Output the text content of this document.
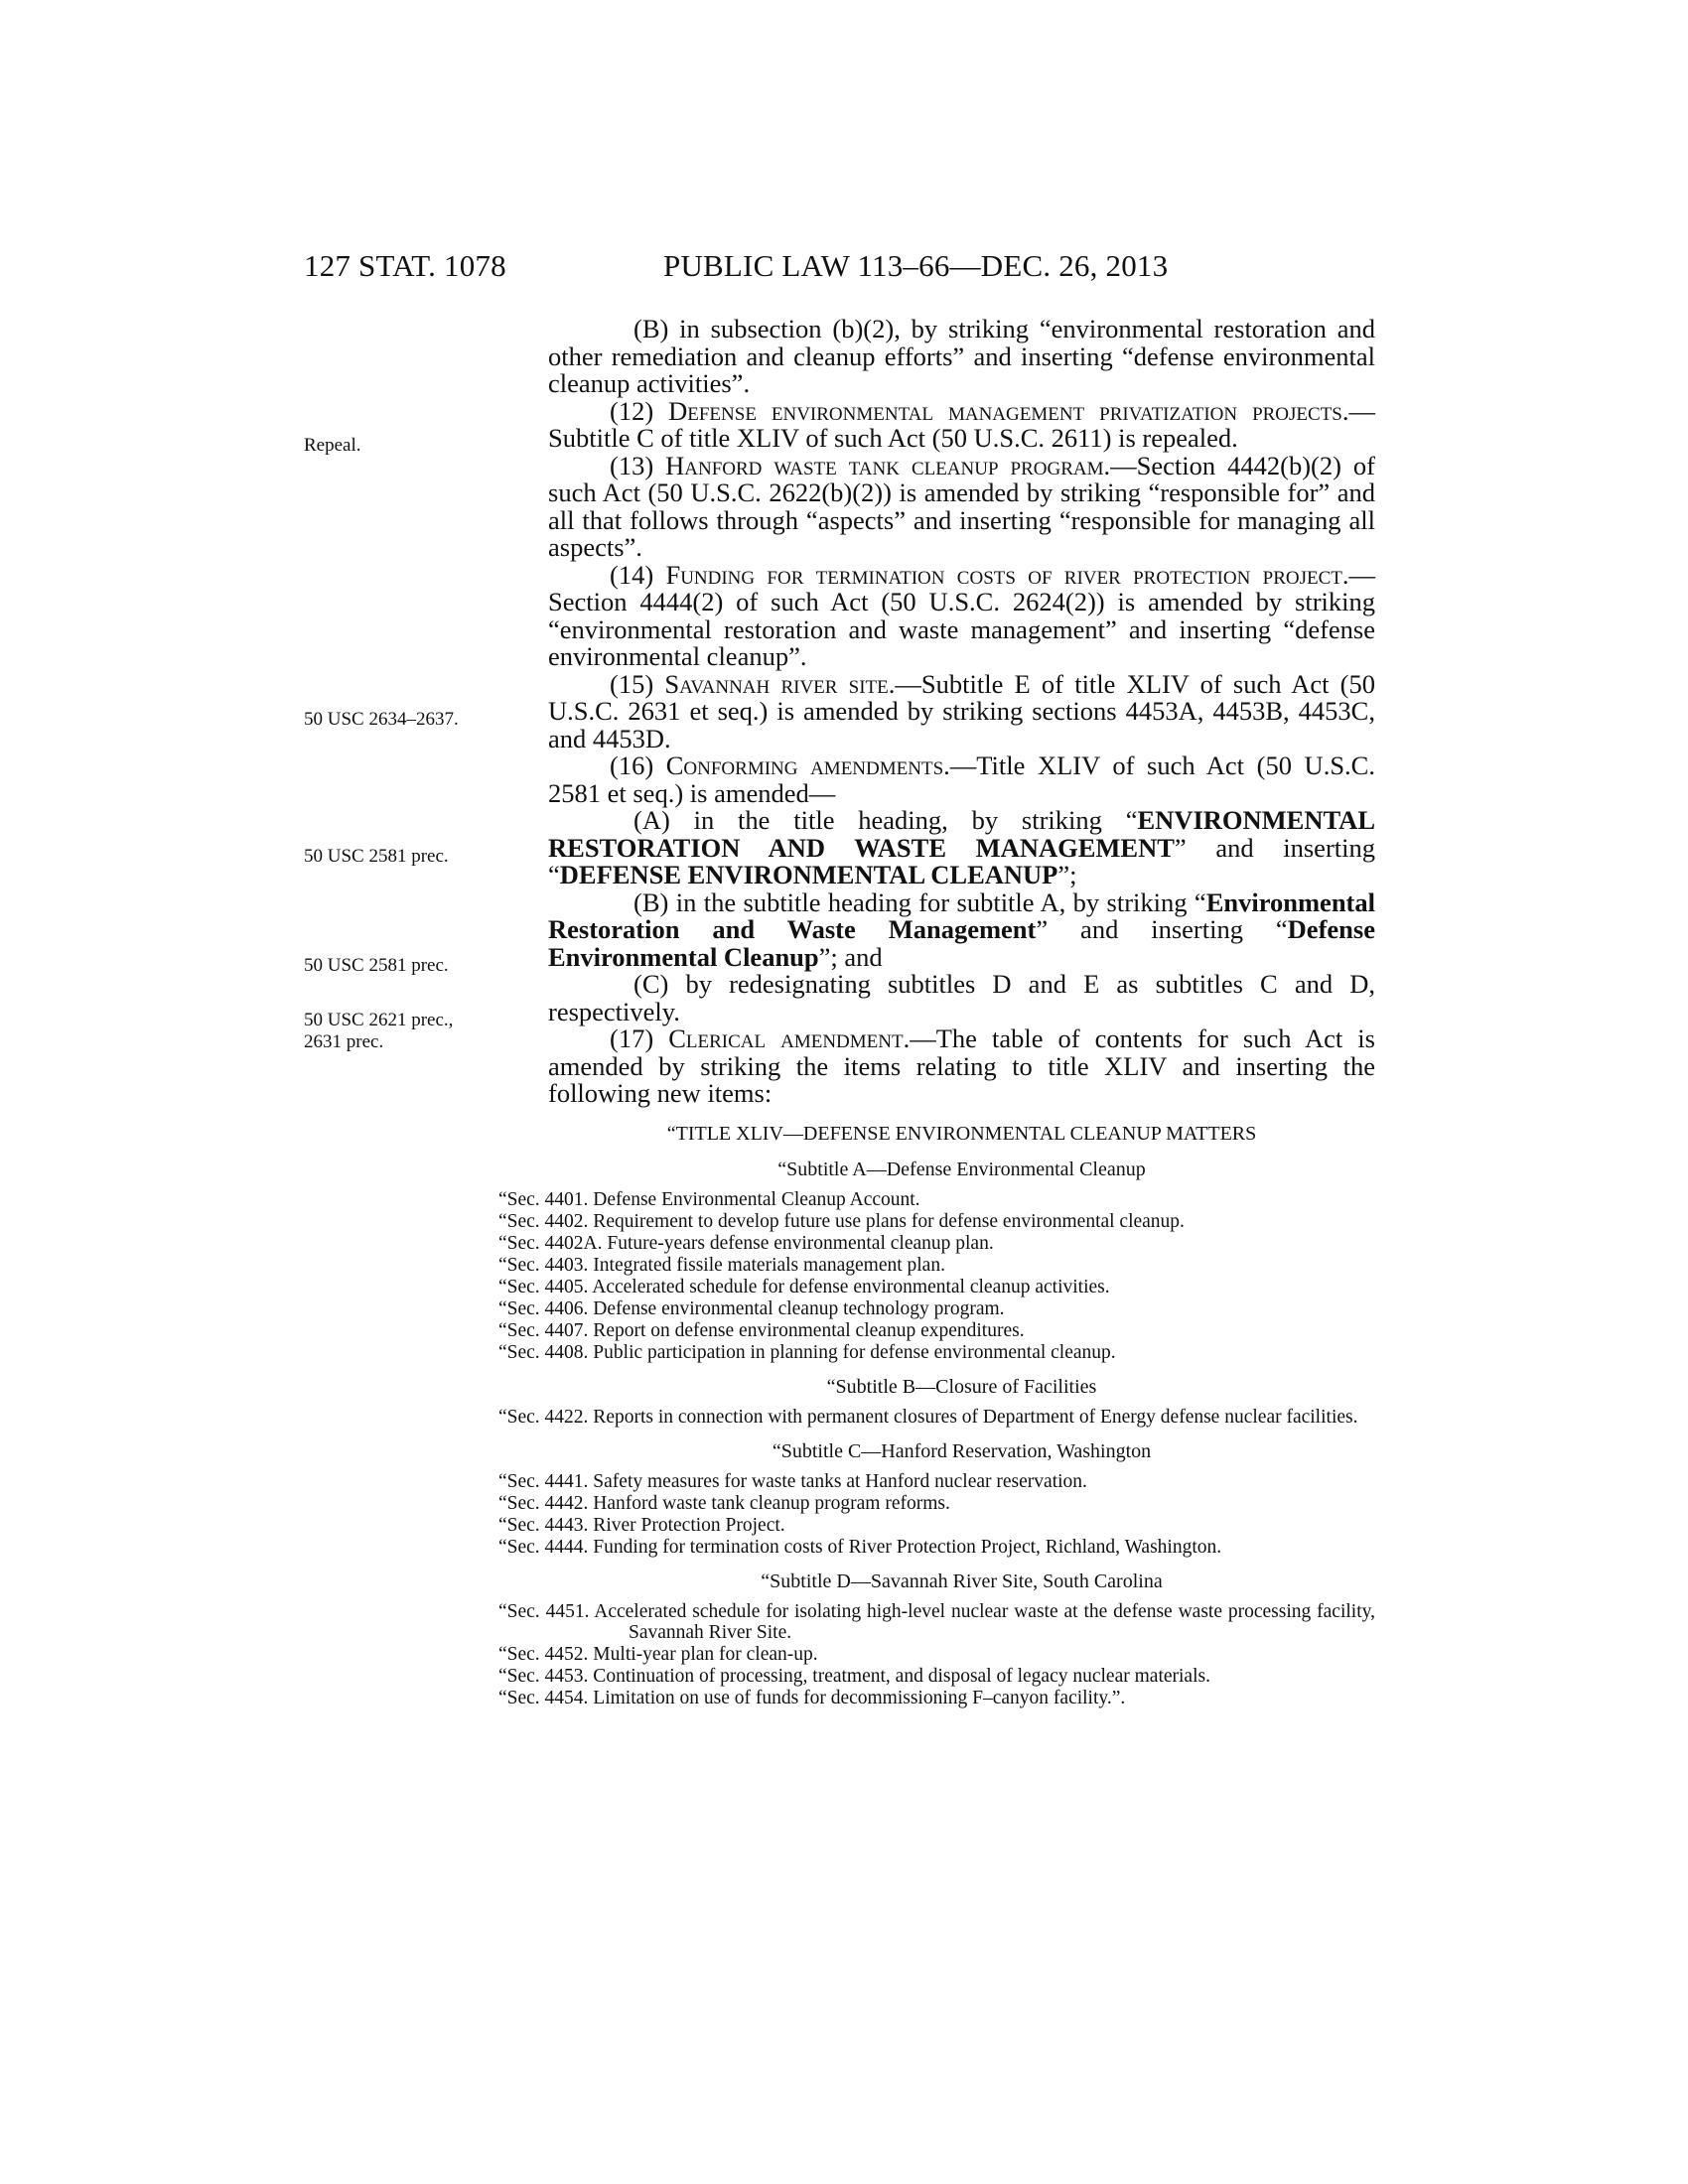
127 STAT. 1078	PUBLIC LAW 113–66—DEC. 26, 2013
Repeal.
50 USC 2634–2637.
50 USC 2581 prec.
50 USC 2581 prec.
50 USC 2621 prec., 2631 prec.

(B) in subsection (b)(2), by striking “environmental restoration and other remediation and cleanup efforts” and inserting “defense environmental cleanup activities”.

(12) Defense environmental management privatization projects.—Subtitle C of title XLIV of such Act (50 U.S.C. 2611) is repealed.

(13) Hanford waste tank cleanup program.—Section 4442(b)(2) of such Act (50 U.S.C. 2622(b)(2)) is amended by striking “responsible for” and all that follows through “aspects” and inserting “responsible for managing all aspects”.

(14) Funding for termination costs of river protection project.—Section 4444(2) of such Act (50 U.S.C. 2624(2)) is amended by striking “environmental restoration and waste management” and inserting “defense environmental cleanup”.

(15) Savannah river site.—Subtitle E of title XLIV of such Act (50 U.S.C. 2631 et seq.) is amended by striking sections 4453A, 4453B, 4453C, and 4453D.

(16) Conforming amendments.—Title XLIV of such Act (50 U.S.C. 2581 et seq.) is amended—

(A) in the title heading, by striking “ENVIRONMENTAL RESTORATION AND WASTE MANAGEMENT” and inserting “DEFENSE ENVIRONMENTAL CLEANUP”;

(B) in the subtitle heading for subtitle A, by striking “Environmental Restoration and Waste Management” and inserting “Defense Environmental Cleanup”; and

(C) by redesignating subtitles D and E as subtitles C and D, respectively.

(17) Clerical amendment.—The table of contents for such Act is amended by striking the items relating to title XLIV and inserting the following new items:

“TITLE XLIV—DEFENSE ENVIRONMENTAL CLEANUP MATTERS
“Subtitle A—Defense Environmental Cleanup
“Sec. 4401. Defense Environmental Cleanup Account.
“Sec. 4402. Requirement to develop future use plans for defense environmental cleanup.
“Sec. 4402A. Future-years defense environmental cleanup plan.
“Sec. 4403. Integrated fissile materials management plan.
“Sec. 4405. Accelerated schedule for defense environmental cleanup activities.
“Sec. 4406. Defense environmental cleanup technology program.
“Sec. 4407. Report on defense environmental cleanup expenditures.
“Sec. 4408. Public participation in planning for defense environmental cleanup.
“Subtitle B—Closure of Facilities
“Sec. 4422. Reports in connection with permanent closures of Department of Energy defense nuclear facilities.
“Subtitle C—Hanford Reservation, Washington
“Sec. 4441. Safety measures for waste tanks at Hanford nuclear reservation.
“Sec. 4442. Hanford waste tank cleanup program reforms.
“Sec. 4443. River Protection Project.
“Sec. 4444. Funding for termination costs of River Protection Project, Richland, Washington.
“Subtitle D—Savannah River Site, South Carolina
“Sec. 4451. Accelerated schedule for isolating high-level nuclear waste at the defense waste processing facility, Savannah River Site.
“Sec. 4452. Multi-year plan for clean-up.
“Sec. 4453. Continuation of processing, treatment, and disposal of legacy nuclear materials.
“Sec. 4454. Limitation on use of funds for decommissioning F–canyon facility.”.
